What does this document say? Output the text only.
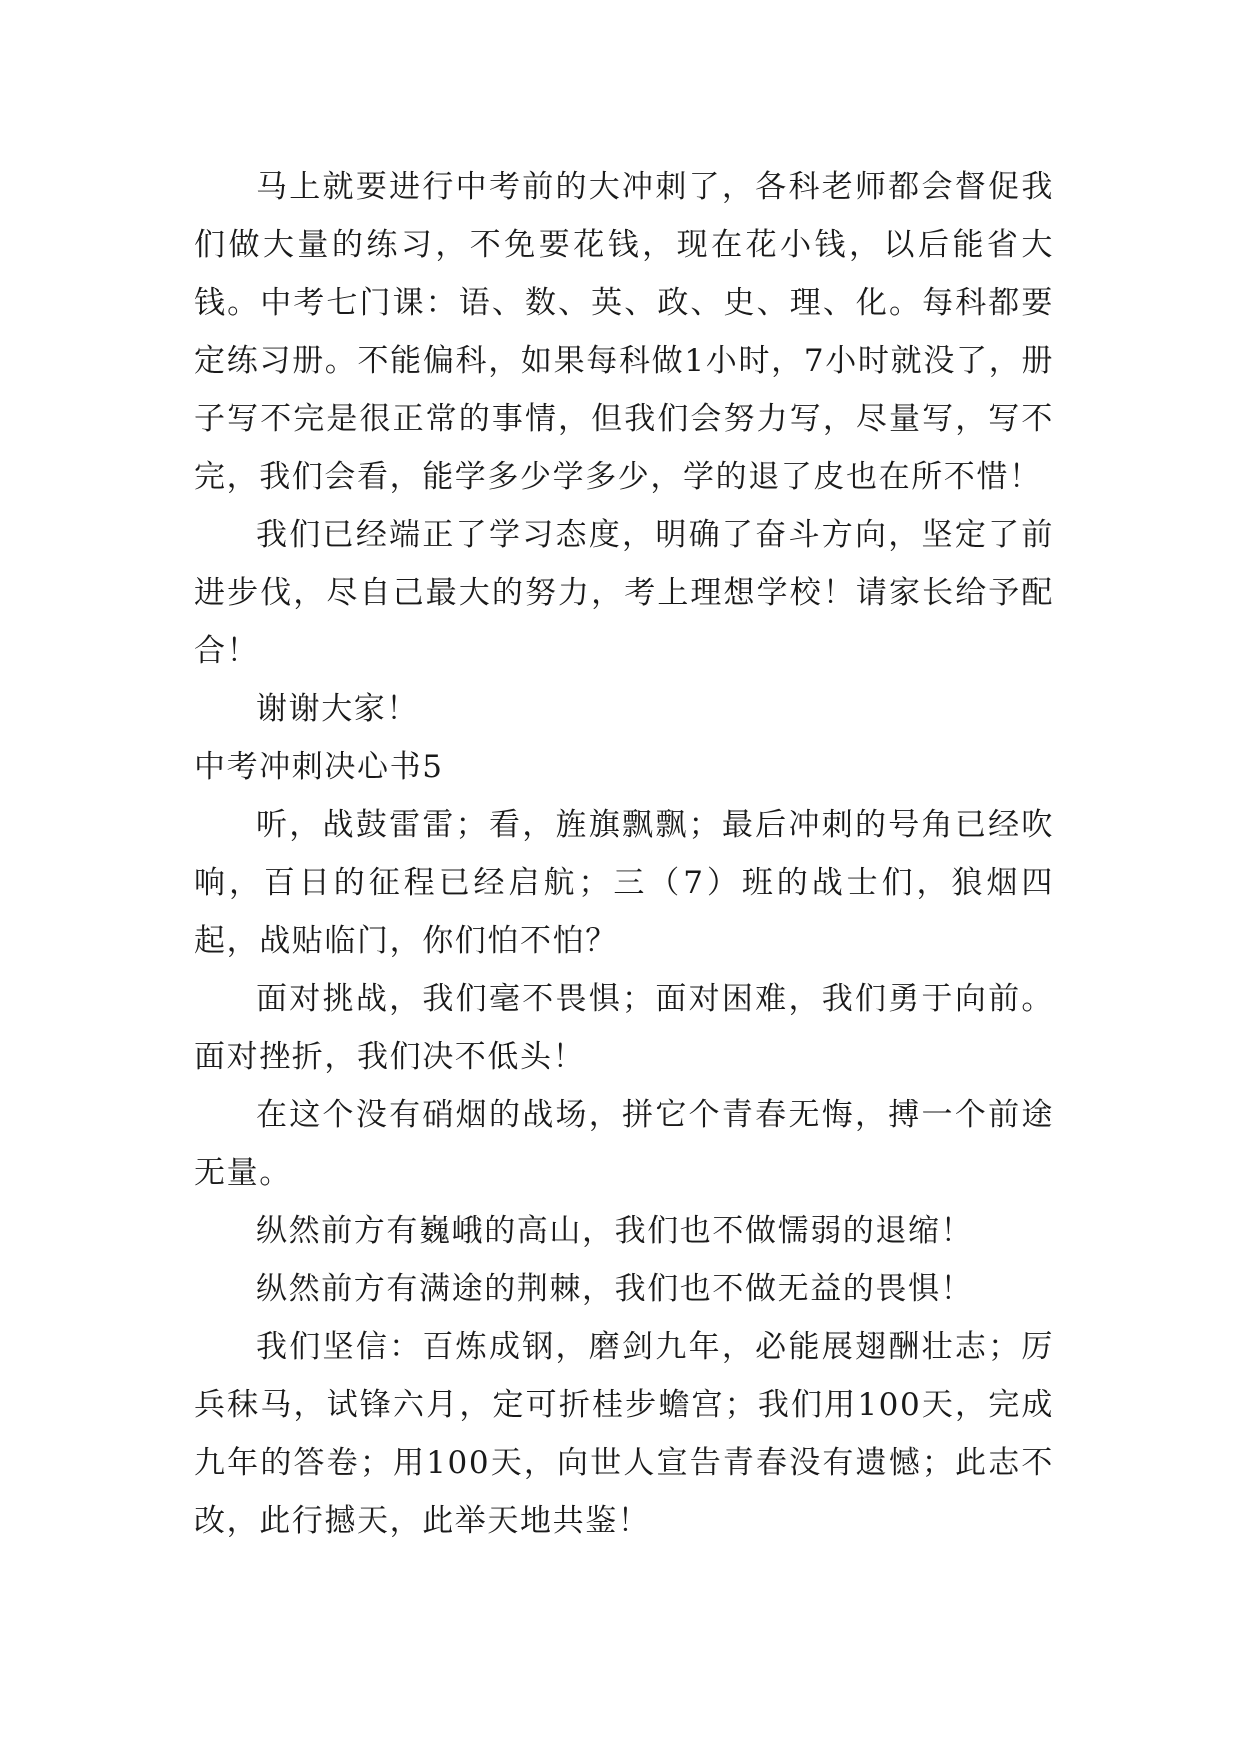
马上就要进行中考前的大冲刺了，各科老师都会督促我们做大量的练习，不免要花钱，现在花小钱，以后能省大钱。中考七门课：语、数、英、政、史、理、化。每科都要定练习册。不能偏科，如果每科做1小时，7小时就没了，册子写不完是很正常的事情，但我们会努力写，尽量写，写不完，我们会看，能学多少学多少，学的退了皮也在所不惜！

我们已经端正了学习态度，明确了奋斗方向，坚定了前进步伐，尽自己最大的努力，考上理想学校！请家长给予配合！

谢谢大家！

中考冲刺决心书5

听，战鼓雷雷；看，旌旗飘飘；最后冲刺的号角已经吹响，百日的征程已经启航；三（7）班的战士们，狼烟四起，战贴临门，你们怕不怕？

面对挑战，我们毫不畏惧；面对困难，我们勇于向前。面对挫折，我们决不低头！

在这个没有硝烟的战场，拼它个青春无悔，搏一个前途无量。

纵然前方有巍峨的高山，我们也不做懦弱的退缩！

纵然前方有满途的荆棘，我们也不做无益的畏惧！

我们坚信：百炼成钢，磨剑九年，必能展翅酬壮志；厉兵秣马，试锋六月，定可折桂步蟾宫；我们用100天，完成九年的答卷；用100天，向世人宣告青春没有遗憾；此志不改，此行撼天，此举天地共鉴！
